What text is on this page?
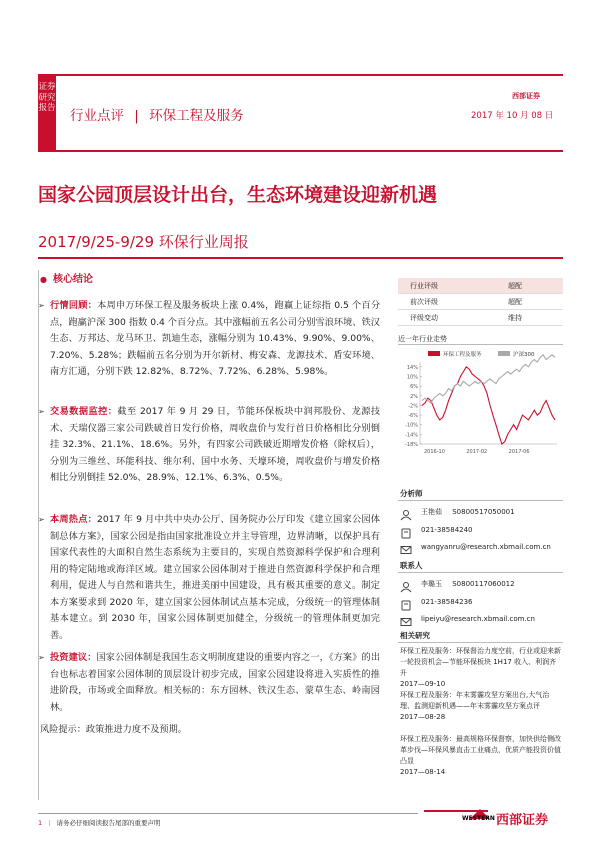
证券研究报告 行业点评 | 环保工程及服务
西部证券
2017 年 10 月 08 日
国家公园顶层设计出台，生态环境建设迎新机遇
2017/9/25-9/29 环保行业周报
● 核心结论
➢ 行情回顾：本周申万环保工程及服务板块上涨 0.4%，跑赢上证综指 0.5 个百分点，跑赢沪深 300 指数 0.4 个百分点。其中涨幅前五名公司分别雪浪环境、铁汉生态、万邦达、龙马环卫、凯迪生态，涨幅分别为 10.43%、9.90%、9.00%、7.20%、5.28%；跌幅前五名分别为开尔新材、梅安森、龙源技术、盾安环境、南方汇通，分别下跌 12.82%、8.72%、7.72%、6.28%、5.98%。
➢ 交易数据监控：截至 2017 年 9 月 29 日，节能环保板块中润邦股份、龙源技术、天瑞仪器三家公司跌破首日发行价格，周收盘价与发行首日价格相比分别倒挂 32.3%、21.1%、18.6%。另外，有四家公司跌破近期增发价格（除权后），分别为三维丝、环能科技、维尔利、国中水务、天壕环境，周收盘价与增发价格相比分别倒挂 52.0%、28.9%、12.1%、6.3%、0.5%。
➢ 本周热点：2017 年 9 月中共中央办公厅、国务院办公厅印发《建立国家公园体制总体方案》，国家公园是指由国家批准设立并主导管理，边界清晰，以保护具有国家代表性的大面积自然生态系统为主要目的，实现自然资源科学保护和合理利用的特定陆地或海洋区域。建立国家公园体制对于推进自然资源科学保护和合理利用，促进人与自然和谐共生，推进美丽中国建设，具有极其重要的意义。制定本方案要求到 2020 年，建立国家公园体制试点基本完成，分级统一的管理体制基本建立。到 2030 年，国家公园体制更加健全，分级统一的管理体制更加完善。
➢ 投资建议：国家公园体制是我国生态文明制度建设的重要内容之一，《方案》的出台也标志着国家公园体制的顶层设计初步完成，国家公园建设将进入实质性的推进阶段，市场或全面释放。相关标的：东方园林、铁汉生态、蒙草生态、岭南园林。
风险提示：政策推进力度不及预期。
行业评级	超配
前次评级	超配
评级变动	维持
近一年行业走势
环保工程及服务	沪深300
14%
10%
6%
2%
-2%
-6%
-10%
-14%
-18%
2016-10	2017-02	2017-06
分析师
王艳茹 S0800517050001
021-38584240
wangyanru@research.xbmail.com.cn
联系人
李璐玉 S0800117060012
021-38584236
lipeiyu@research.xbmail.com.cn
相关研究
环保工程及服务：环保督治力度空前，行业或迎来新一轮投资机会—节能环保板块 1H17 收入、利润齐升
2017—09-10
环保工程及服务：年末雾霾攻坚方案出台,大气治理、监测迎新机遇——年末雾霾攻坚方案点评
2017—08-28
环保工程及服务：最高规格环保督察，加快供给侧改革步伐—环保风暴直击工业痛点，优质产能投资价值凸显
2017—08-14
1 | 请务必仔细阅读报告尾部的重要声明
WESTERN 西部证券
